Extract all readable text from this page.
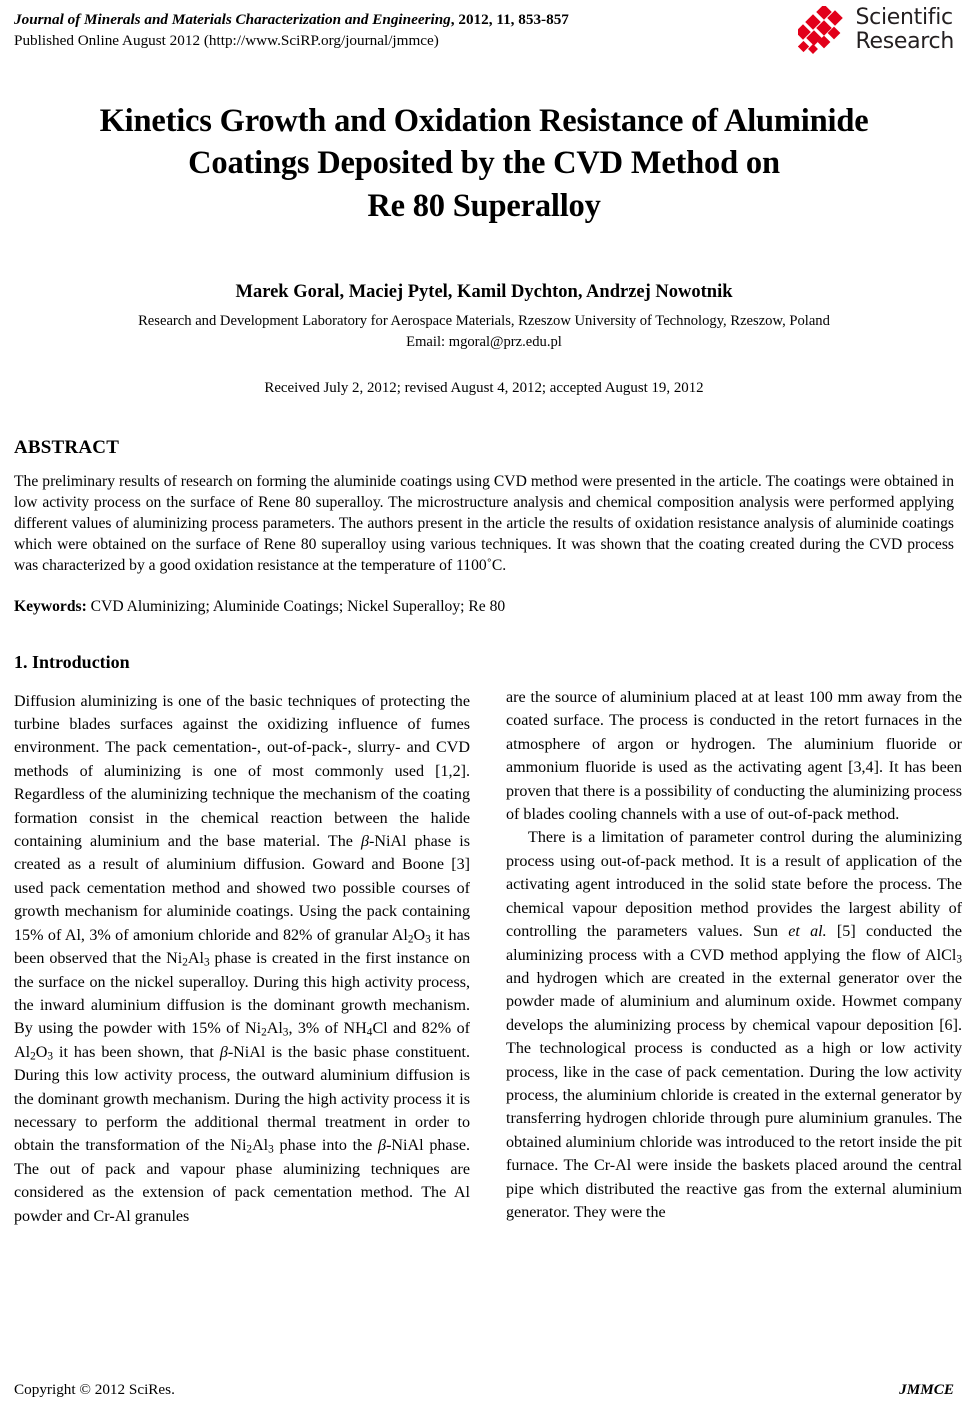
Journal of Minerals and Materials Characterization and Engineering, 2012, 11, 853-857
Published Online August 2012 (http://www.SciRP.org/journal/jmmce)
Scientific
Research
Kinetics Growth and Oxidation Resistance of Aluminide
Coatings Deposited by the CVD Method on
Re 80 Superalloy
Marek Goral, Maciej Pytel, Kamil Dychton, Andrzej Nowotnik
Research and Development Laboratory for Aerospace Materials, Rzeszow University of Technology, Rzeszow, Poland
Email: mgoral@prz.edu.pl
Received July 2, 2012; revised August 4, 2012; accepted August 19, 2012
ABSTRACT
The preliminary results of research on forming the aluminide coatings using CVD method were presented in the article. The coatings were obtained in low activity process on the surface of Rene 80 superalloy. The microstructure analysis and chemical composition analysis were performed applying different values of aluminizing process parameters. The authors present in the article the results of oxidation resistance analysis of aluminide coatings which were obtained on the surface of Rene 80 superalloy using various techniques. It was shown that the coating created during the CVD process was characterized by a good oxidation resistance at the temperature of 1100˚C.
Keywords: CVD Aluminizing; Aluminide Coatings; Nickel Superalloy; Re 80
1. Introduction

Diffusion aluminizing is one of the basic techniques of protecting the turbine blades surfaces against the oxidizing influence of fumes environment. The pack cementation-, out-of-pack-, slurry- and CVD methods of aluminizing is one of most commonly used [1,2]. Regardless of the aluminizing technique the mechanism of the coating formation consist in the chemical reaction between the halide containing aluminium and the base material. The β-NiAl phase is created as a result of aluminium diffusion. Goward and Boone [3] used pack cementation method and showed two possible courses of growth mechanism for aluminide coatings. Using the pack containing 15% of Al, 3% of amonium chloride and 82% of granular $Al_2O_3$ it has been observed that the $Ni_2Al_3$ phase is created in the first instance on the surface on the nickel superalloy. During this high activity process, the inward aluminium diffusion is the dominant growth mechanism. By using the powder with 15% of $Ni_2Al_3$, 3% of $NH_4Cl$ and 82% of $Al_2O_3$ it has been shown, that β-NiAl is the basic phase constituent. During this low activity process, the outward aluminium diffusion is the dominant growth mechanism. During the high activity process it is necessary to perform the additional thermal treatment in order to obtain the transformation of the $Ni_2Al_3$ phase into the β-NiAl phase. The out of pack and vapour phase aluminizing techniques are considered as the extension of pack cementation method. The Al powder and Cr-Al granules

are the source of aluminium placed at at least 100 mm away from the coated surface. The process is conducted in the retort furnaces in the atmosphere of argon or hydrogen. The aluminium fluoride or ammonium fluoride is used as the activating agent [3,4]. It has been proven that there is a possibility of conducting the aluminizing process of blades cooling channels with a use of out-of-pack method.

There is a limitation of parameter control during the aluminizing process using out-of-pack method. It is a result of application of the activating agent introduced in the solid state before the process. The chemical vapour deposition method provides the largest ability of controlling the parameters values. Sun et al. [5] conducted the aluminizing process with a CVD method applying the flow of AlCl$_3$ and hydrogen which are created in the external generator over the powder made of aluminium and aluminum oxide. Howmet company develops the aluminizing process by chemical vapour deposition [6]. The technological process is conducted as a high or low activity process, like in the case of pack cementation. During the low activity process, the aluminium chloride is created in the external generator by transferring hydrogen chloride through pure aluminium granules. The obtained aluminium chloride was introduced to the retort inside the pit furnace. The Cr-Al were inside the baskets placed around the central pipe which distributed the reactive gas from the external aluminium generator. They were the

Copyright © 2012 SciRes.	JMMCE
